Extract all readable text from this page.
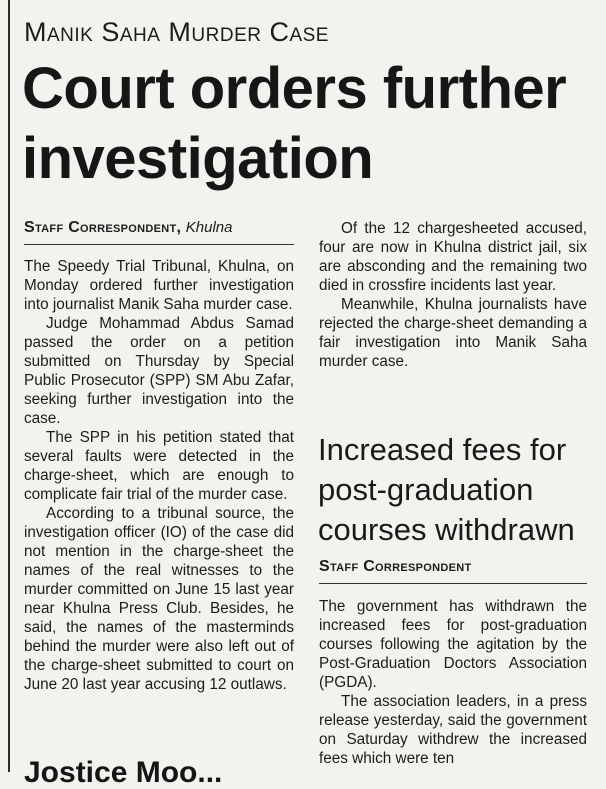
Manik Saha Murder Case
Court orders further investigation
Staff Correspondent, Khulna

The Speedy Trial Tribunal, Khulna, on Monday ordered further investigation into journalist Manik Saha murder case.

Judge Mohammad Abdus Samad passed the order on a petition submitted on Thursday by Special Public Prosecutor (SPP) SM Abu Zafar, seeking further investigation into the case.

The SPP in his petition stated that several faults were detected in the charge-sheet, which are enough to complicate fair trial of the murder case.

According to a tribunal source, the investigation officer (IO) of the case did not mention in the charge-sheet the names of the real witnesses to the murder committed on June 15 last year near Khulna Press Club. Besides, he said, the names of the masterminds behind the murder were also left out of the charge-sheet submitted to court on June 20 last year accusing 12 outlaws.

Of the 12 chargesheeted accused, four are now in Khulna district jail, six are absconding and the remaining two died in crossfire incidents last year.

Meanwhile, Khulna journalists have rejected the charge-sheet demanding a fair investigation into Manik Saha murder case.

Increased fees for
post-graduation
courses withdrawn
Staff Correspondent

The government has withdrawn the increased fees for post-graduation courses following the agitation by the Post-Graduation Doctors Association (PGDA).

The association leaders, in a press release yesterday, said the government on Saturday withdrew the increased fees which were ten

Jostice Moo...
